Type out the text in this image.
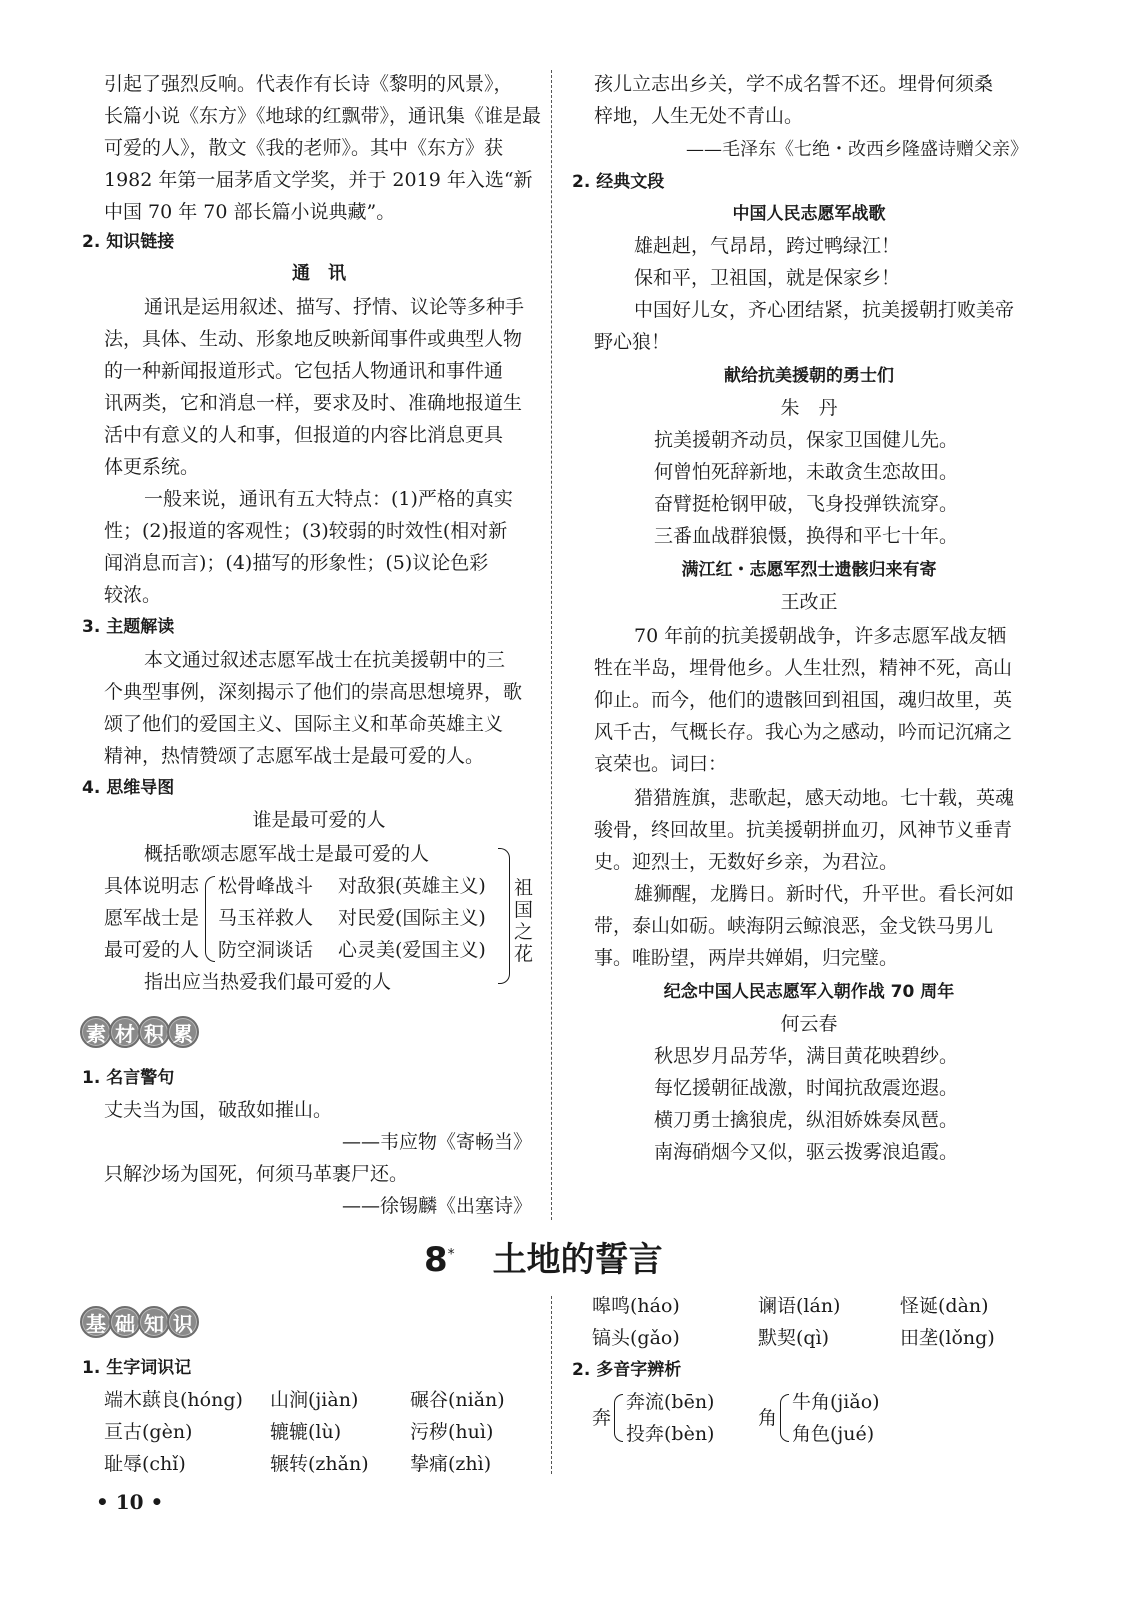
引起了强烈反响。代表作有长诗《黎明的风景》，
长篇小说《东方》《地球的红飘带》，通讯集《谁是最
可爱的人》，散文《我的老师》。其中《东方》获
1982 年第一届茅盾文学奖，并于 2019 年入选“新
中国 70 年 70 部长篇小说典藏”。
2. 知识链接
通　讯
通讯是运用叙述、描写、抒情、议论等多种手
法，具体、生动、形象地反映新闻事件或典型人物
的一种新闻报道形式。它包括人物通讯和事件通
讯两类，它和消息一样，要求及时、准确地报道生
活中有意义的人和事，但报道的内容比消息更具
体更系统。
一般来说，通讯有五大特点：(1)严格的真实
性；(2)报道的客观性；(3)较弱的时效性(相对新
闻消息而言)；(4)描写的形象性；(5)议论色彩
较浓。
3. 主题解读
本文通过叙述志愿军战士在抗美援朝中的三
个典型事例，深刻揭示了他们的崇高思想境界，歌
颂了他们的爱国主义、国际主义和革命英雄主义
精神，热情赞颂了志愿军战士是最可爱的人。
4. 思维导图
谁是最可爱的人
概括歌颂志愿军战士是最可爱的人
具体说明志
愿军战士是
最可爱的人
松骨峰战斗 对敌狠(英雄主义)
马玉祥救人 对民爱(国际主义)
防空洞谈话 心灵美(爱国主义)
祖
国
之
花
指出应当热爱我们最可爱的人
素 材 积 累
1. 名言警句
丈夫当为国，破敌如摧山。
——韦应物《寄畅当》
只解沙场为国死，何须马革裹尸还。
——徐锡麟《出塞诗》
孩儿立志出乡关，学不成名誓不还。埋骨何须桑
梓地，人生无处不青山。
——毛泽东《七绝・改西乡隆盛诗赠父亲》
2. 经典文段
中国人民志愿军战歌
雄赳赳，气昂昂，跨过鸭绿江！
保和平，卫祖国，就是保家乡！
中国好儿女，齐心团结紧，抗美援朝打败美帝
野心狼！
献给抗美援朝的勇士们
朱　丹
抗美援朝齐动员，保家卫国健儿先。
何曾怕死辞新地，未敢贪生恋故田。
奋臂挺枪钢甲破，飞身投弹铁流穿。
三番血战群狼慑，换得和平七十年。
满江红・志愿军烈士遗骸归来有寄
王改正
70 年前的抗美援朝战争，许多志愿军战友牺
牲在半岛，埋骨他乡。人生壮烈，精神不死，高山
仰止。而今，他们的遗骸回到祖国，魂归故里，英
风千古，气概长存。我心为之感动，吟而记沉痛之
哀荣也。词曰：
猎猎旌旗，悲歌起，感天动地。七十载，英魂
骏骨，终回故里。抗美援朝拼血刃，风神节义垂青
史。迎烈士，无数好乡亲，为君泣。
雄狮醒，龙腾日。新时代，升平世。看长河如
带，泰山如砺。峡海阴云鲸浪恶，金戈铁马男儿
事。唯盼望，两岸共婵娟，归完璧。
纪念中国人民志愿军入朝作战 70 周年
何云春
秋思岁月品芳华，满目黄花映碧纱。
每忆援朝征战激，时闻抗敌震迩遐。
横刀勇士擒狼虎，纵泪娇姝奏凤琶。
南海硝烟今又似，驱云拨雾浪追霞。
8* 土地的誓言
基 础 知 识
1. 生字词识记
端木蕻良(hóng) 山涧(jiàn)	碾谷(niǎn)
亘古(gèn)	辘辘(lù)	污秽(huì)
耻辱(chǐ)	辗转(zhǎn) 挚痛(zhì)
嗥鸣(háo)	谰语(lán)	怪诞(dàn)
镐头(gǎo)	默契(qì)	田垄(lǒng)
2. 多音字辨析
奔
奔流(bēn)
投奔(bèn)
角
牛角(jiǎo)
角色(jué)
• 10 •
